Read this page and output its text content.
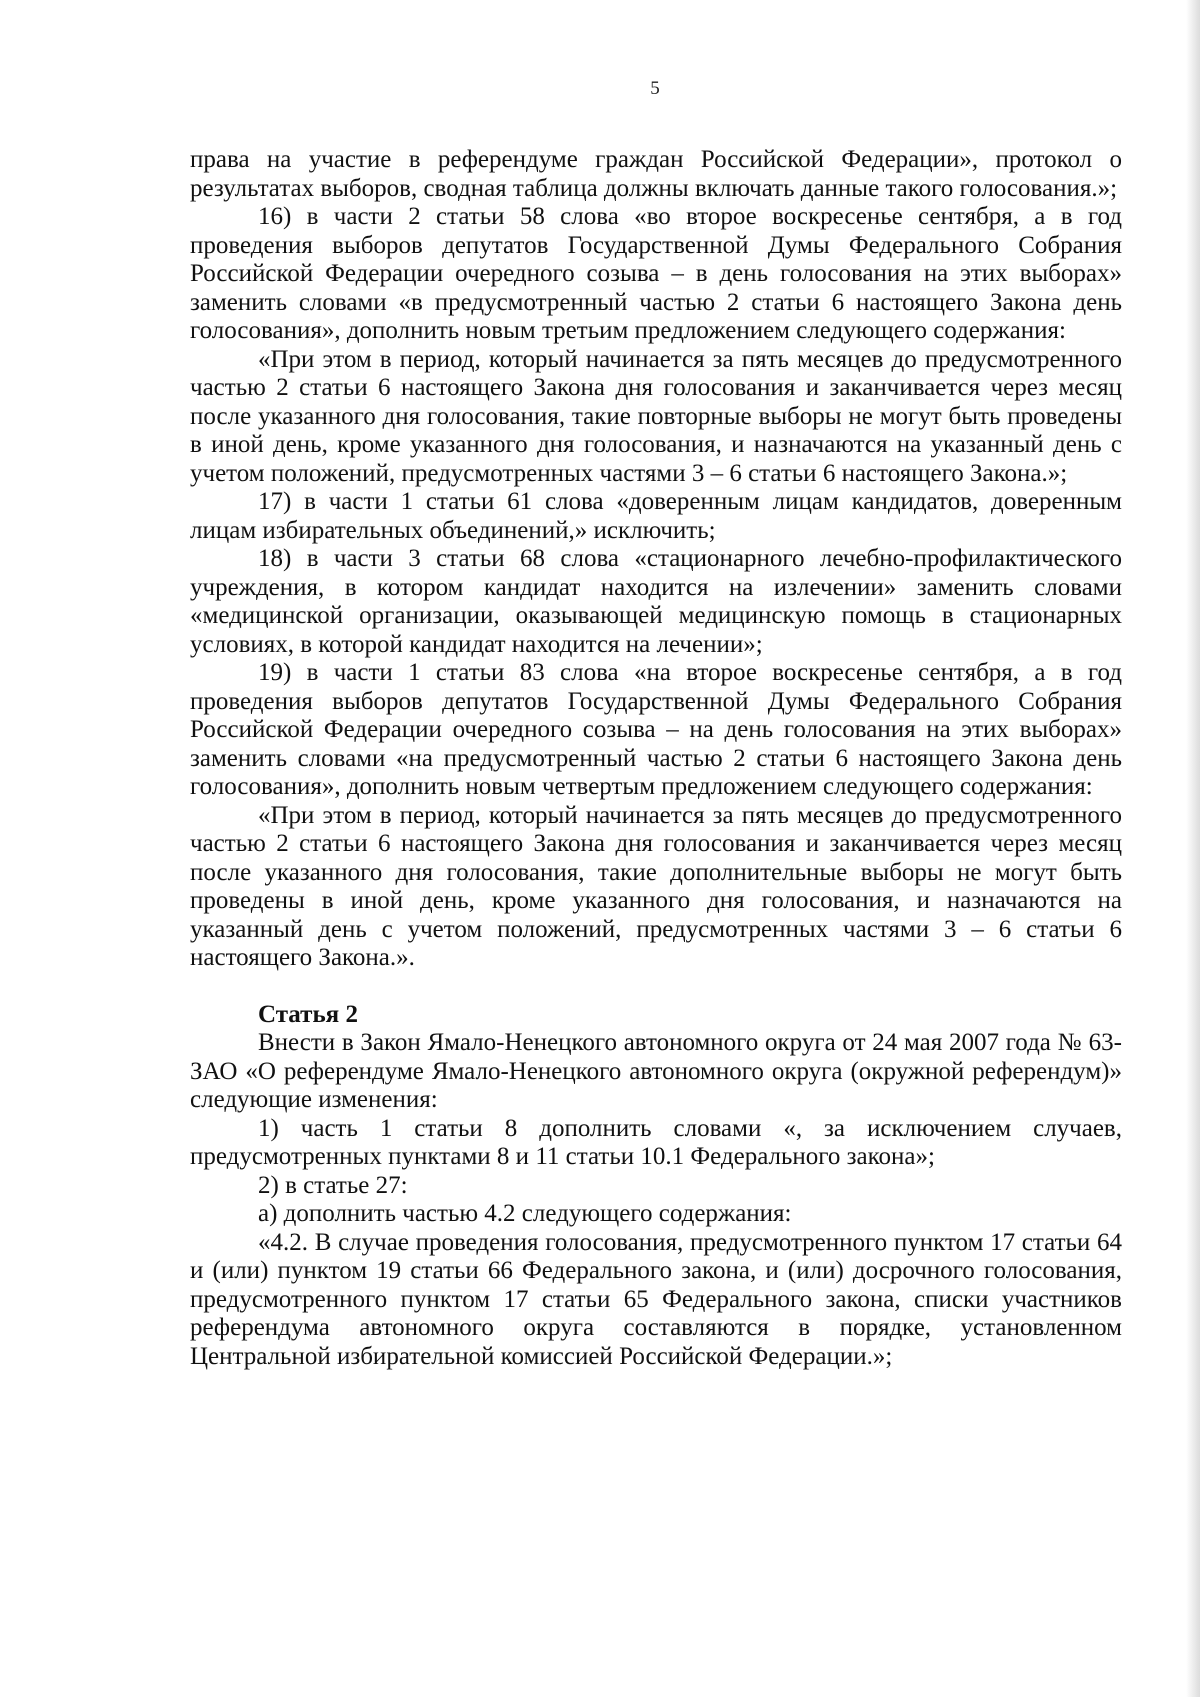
5

права на участие в референдуме граждан Российской Федерации», протокол о результатах выборов, сводная таблица должны включать данные такого голосования.»;

16) в части 2 статьи 58 слова «во второе воскресенье сентября, а в год проведения выборов депутатов Государственной Думы Федерального Собрания Российской Федерации очередного созыва – в день голосования на этих выборах» заменить словами «в предусмотренный частью 2 статьи 6 настоящего Закона день голосования», дополнить новым третьим предложением следующего содержания:

«При этом в период, который начинается за пять месяцев до предусмотренного частью 2 статьи 6 настоящего Закона дня голосования и заканчивается через месяц после указанного дня голосования, такие повторные выборы не могут быть проведены в иной день, кроме указанного дня голосования, и назначаются на указанный день с учетом положений, предусмотренных частями 3 – 6 статьи 6 настоящего Закона.»;

17) в части 1 статьи 61 слова «доверенным лицам кандидатов, доверенным лицам избирательных объединений,» исключить;

18) в части 3 статьи 68 слова «стационарного лечебно-профилактического учреждения, в котором кандидат находится на излечении» заменить словами «медицинской организации, оказывающей медицинскую помощь в стационарных условиях, в которой кандидат находится на лечении»;

19) в части 1 статьи 83 слова «на второе воскресенье сентября, а в год проведения выборов депутатов Государственной Думы Федерального Собрания Российской Федерации очередного созыва – на день голосования на этих выборах» заменить словами «на предусмотренный частью 2 статьи 6 настоящего Закона день голосования», дополнить новым четвертым предложением следующего содержания:

«При этом в период, который начинается за пять месяцев до предусмотренного частью 2 статьи 6 настоящего Закона дня голосования и заканчивается через месяц после указанного дня голосования, такие дополнительные выборы не могут быть проведены в иной день, кроме указанного дня голосования, и назначаются на указанный день с учетом положений, предусмотренных частями 3 – 6 статьи 6 настоящего Закона.».

Статья 2

Внести в Закон Ямало-Ненецкого автономного округа от 24 мая 2007 года № 63-ЗАО «О референдуме Ямало-Ненецкого автономного округа (окружной референдум)» следующие изменения:

1) часть 1 статьи 8 дополнить словами «, за исключением случаев, предусмотренных пунктами 8 и 11 статьи 10.1 Федерального закона»;

2) в статье 27:

а) дополнить частью 4.2 следующего содержания:

«4.2. В случае проведения голосования, предусмотренного пунктом 17 статьи 64 и (или) пунктом 19 статьи 66 Федерального закона, и (или) досрочного голосования, предусмотренного пунктом 17 статьи 65 Федерального закона, списки участников референдума автономного округа составляются в порядке, установленном Центральной избирательной комиссией Российской Федерации.»;
